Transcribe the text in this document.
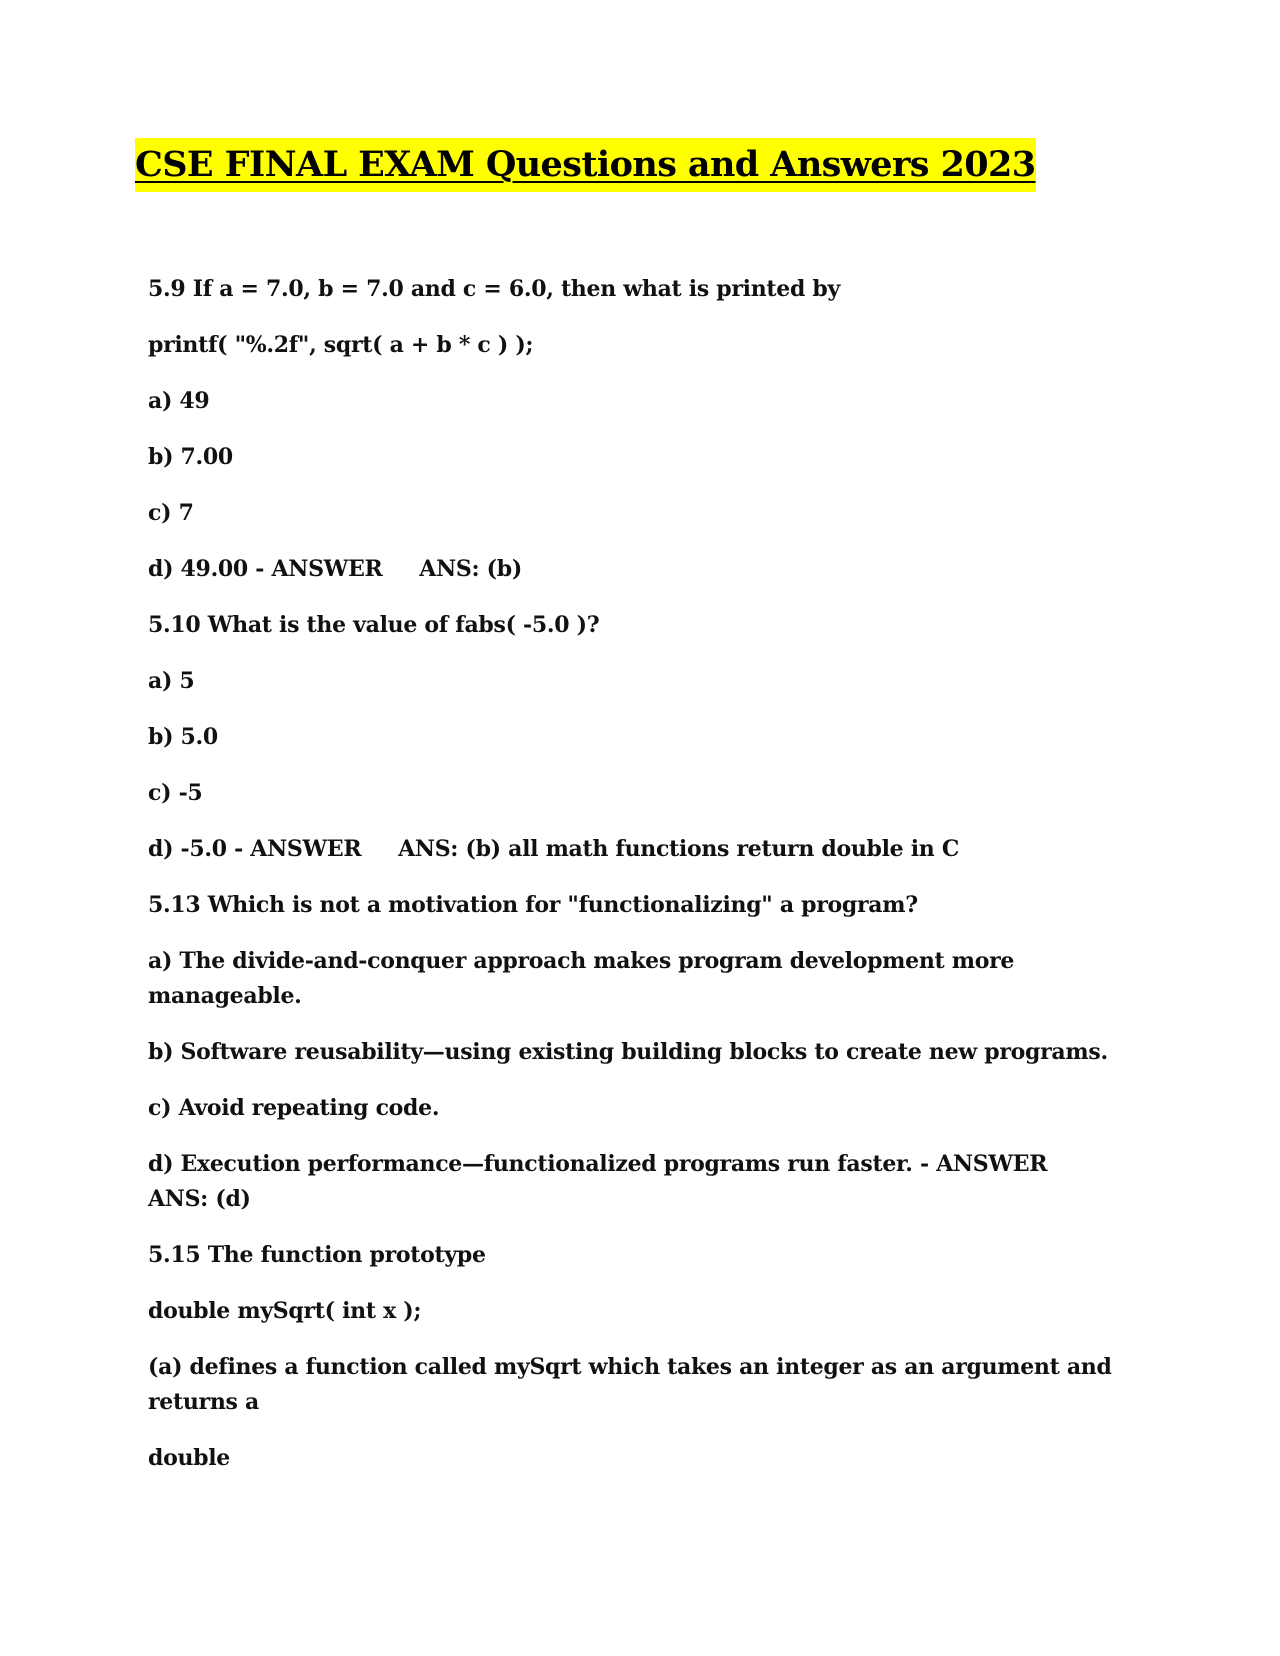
CSE FINAL EXAM Questions and Answers 2023

5.9 If a = 7.0, b = 7.0 and c = 6.0, then what is printed by

printf( "%.2f", sqrt( a + b * c ) );

a) 49

b) 7.00

c) 7

d) 49.00 - ANSWER     ANS: (b)

5.10 What is the value of fabs( -5.0 )?

a) 5

b) 5.0

c) -5

d) -5.0 - ANSWER     ANS: (b) all math functions return double in C

5.13 Which is not a motivation for "functionalizing" a program?

a) The divide-and-conquer approach makes program development more manageable.

b) Software reusability—using existing building blocks to create new programs.

c) Avoid repeating code.

d) Execution performance—functionalized programs run faster. - ANSWER     ANS: (d)

5.15 The function prototype

double mySqrt( int x );

(a) defines a function called mySqrt which takes an integer as an argument and returns a

double
